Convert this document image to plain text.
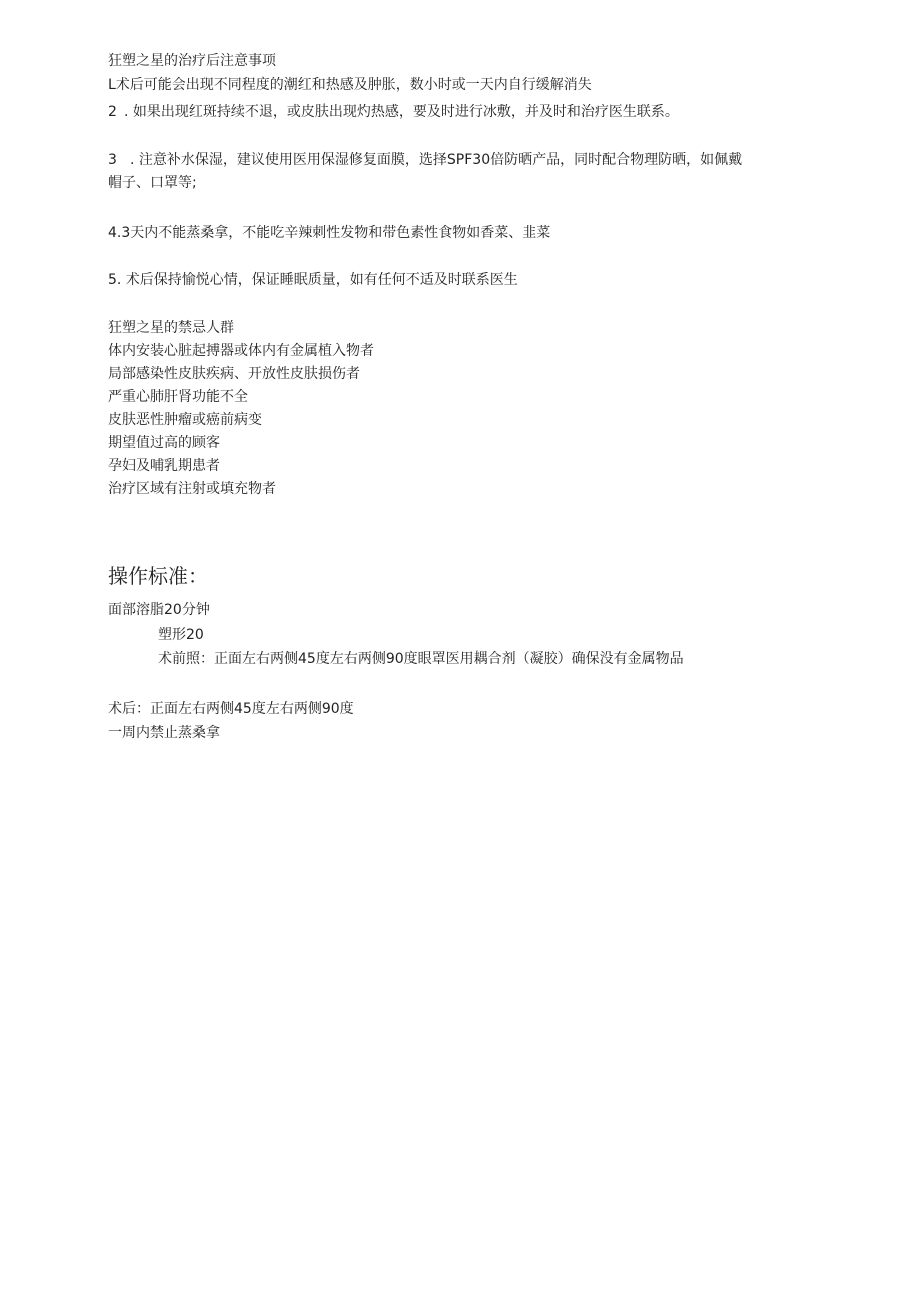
狂塑之星的治疗后注意事项
L术后可能会出现不同程度的潮红和热感及肿胀，数小时或一天内自行缓解消失
2 . 如果出现红斑持续不退，或皮肤出现灼热感，要及时进行冰敷，并及时和治疗医生联系。
3 . 注意补水保湿，建议使用医用保湿修复面膜，选择SPF30倍防晒产品，同时配合物理防晒，如佩戴
帽子、口罩等;
4.3天内不能蒸桑拿，不能吃辛辣刺性发物和带色素性食物如香菜、韭菜
5. 术后保持愉悦心情，保证睡眠质量，如有任何不适及时联系医生
狂塑之星的禁忌人群
体内安装心脏起搏器或体内有金属植入物者
局部感染性皮肤疾病、开放性皮肤损伤者
严重心肺肝肾功能不全
皮肤恶性肿瘤或癌前病变
期望值过高的顾客
孕妇及哺乳期患者
治疗区域有注射或填充物者
操作标准：
面部溶脂20分钟
塑形20
术前照：正面左右两侧45度左右两侧90度眼罩医用耦合剂（凝胶）确保没有金属物品
术后：正面左右两侧45度左右两侧90度
一周内禁止蒸桑拿
